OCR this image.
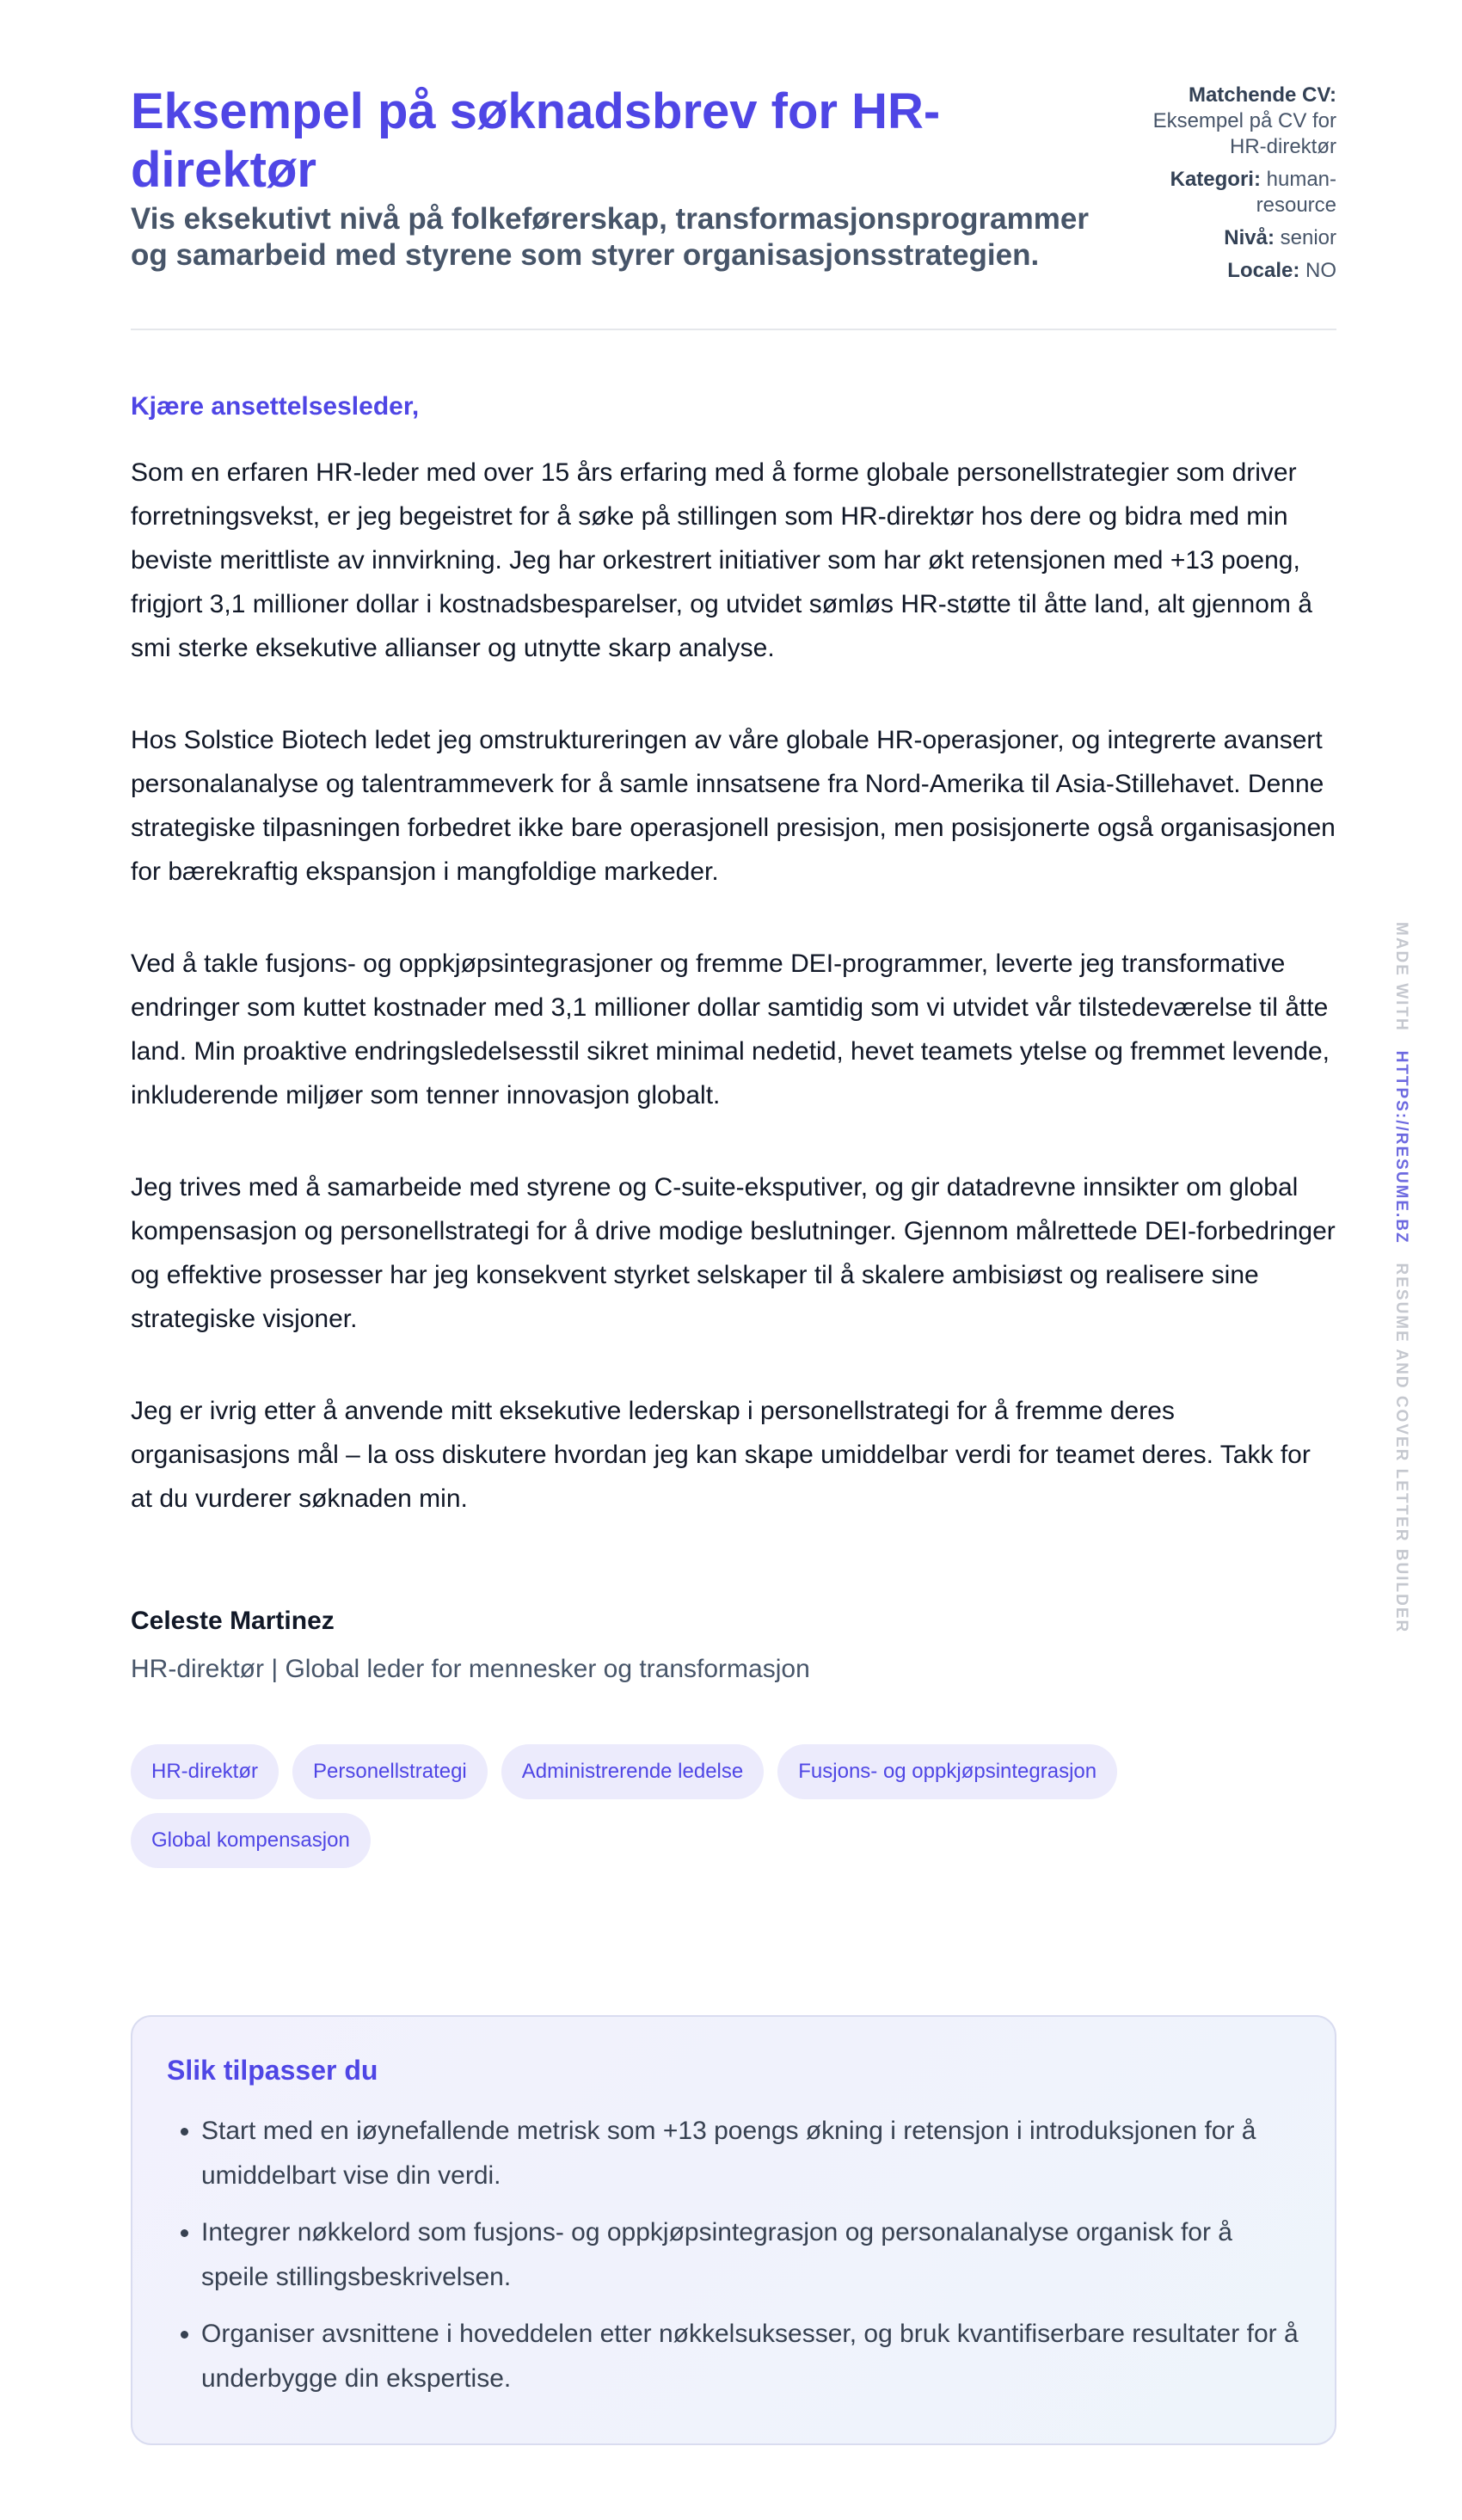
Eksempel på søknadsbrev for HR-direktør
Vis eksekutivt nivå på folkeførerskap, transformasjonsprogrammer og samarbeid med styrene som styrer organisasjonsstrategien.
Matchende CV:
Eksempel på CV for HR-direktør
Kategori: human-resource
Nivå: senior
Locale: NO
Kjære ansettelsesleder,

Som en erfaren HR-leder med over 15 års erfaring med å forme globale personellstrategier som driver forretningsvekst, er jeg begeistret for å søke på stillingen som HR-direktør hos dere og bidra med min beviste merittliste av innvirkning. Jeg har orkestrert initiativer som har økt retensjonen med +13 poeng, frigjort 3,1 millioner dollar i kostnadsbesparelser, og utvidet sømløs HR-støtte til åtte land, alt gjennom å smi sterke eksekutive allianser og utnytte skarp analyse.

Hos Solstice Biotech ledet jeg omstruktureringen av våre globale HR-operasjoner, og integrerte avansert personalanalyse og talentrammeverk for å samle innsatsene fra Nord-Amerika til Asia-Stillehavet. Denne strategiske tilpasningen forbedret ikke bare operasjonell presisjon, men posisjonerte også organisasjonen for bærekraftig ekspansjon i mangfoldige markeder.

Ved å takle fusjons- og oppkjøpsintegrasjoner og fremme DEI-programmer, leverte jeg transformative endringer som kuttet kostnader med 3,1 millioner dollar samtidig som vi utvidet vår tilstedeværelse til åtte land. Min proaktive endringsledelsesstil sikret minimal nedetid, hevet teamets ytelse og fremmet levende, inkluderende miljøer som tenner innovasjon globalt.

Jeg trives med å samarbeide med styrene og C-suite-eksputiver, og gir datadrevne innsikter om global kompensasjon og personellstrategi for å drive modige beslutninger. Gjennom målrettede DEI-forbedringer og effektive prosesser har jeg konsekvent styrket selskaper til å skalere ambisiøst og realisere sine strategiske visjoner.

Jeg er ivrig etter å anvende mitt eksekutive lederskap i personellstrategi for å fremme deres organisasjons mål – la oss diskutere hvordan jeg kan skape umiddelbar verdi for teamet deres. Takk for at du vurderer søknaden min.

Celeste Martinez
HR-direktør | Global leder for mennesker og transformasjon
HR-direktør	Personellstrategi	Administrerende ledelse	Fusjons- og oppkjøpsintegrasjon
Global kompensasjon
Slik tilpasser du
• Start med en iøynefallende metrisk som +13 poengs økning i retensjon i introduksjonen for å umiddelbart vise din verdi.
• Integrer nøkkelord som fusjons- og oppkjøpsintegrasjon og personalanalyse organisk for å speile stillingsbeskrivelsen.
• Organiser avsnittene i hoveddelen etter nøkkelsuksesser, og bruk kvantifiserbare resultater for å underbygge din ekspertise.
MADE WITH   HTTPS://RESUME.BZ   RESUME AND COVER LETTER BUILDER
